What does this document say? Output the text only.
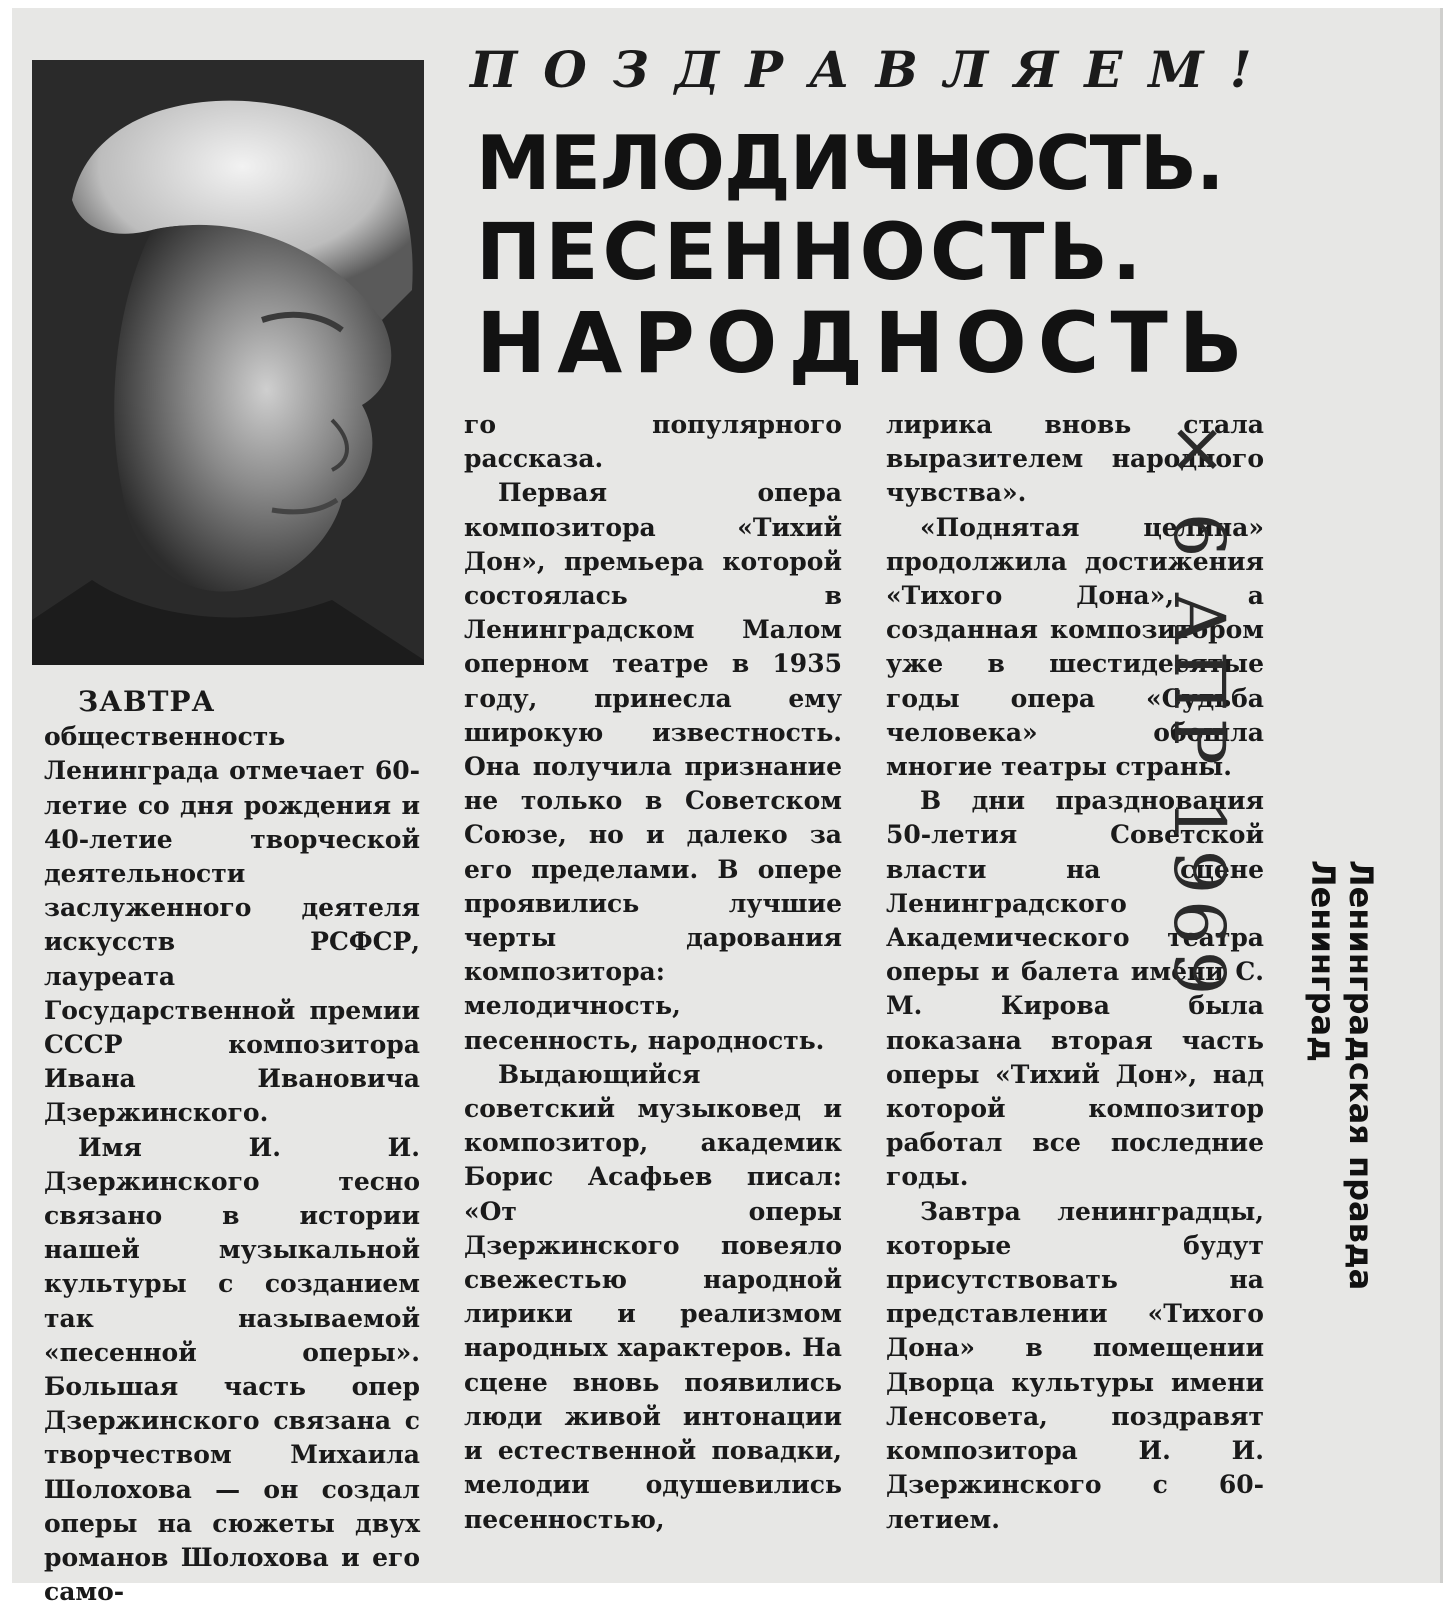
ПОЗДРАВЛЯЕМ!
МЕЛОДИЧНОСТЬ.
ПЕСЕННОСТЬ.
НАРОДНОСТЬ

ЗАВТРА общественность Ленинграда отмечает 60-летие со дня рождения и 40-летие творческой деятельности заслуженного деятеля искусств РСФСР, лауреата Государственной премии СССР композитора Ивана Ивановича Дзержинского.

Имя И. И. Дзержинского тесно связано в истории нашей музыкальной культуры с созданием так называемой «песенной оперы». Большая часть опер Дзержинского связана с творчеством Михаила Шолохова — он создал оперы на сюжеты двух романов Шолохова и его само-

го популярного рассказа.

Первая опера композитора «Тихий Дон», премьера которой состоялась в Ленинградском Малом оперном театре в 1935 году, принесла ему широкую известность. Она получила признание не только в Советском Союзе, но и далеко за его пределами. В опере проявились лучшие черты дарования композитора: мелодичность, песенность, народность.

Выдающийся советский музыковед и композитор, академик Борис Асафьев писал: «От оперы Дзержинского повеяло свежестью народной лирики и реализмом народных характеров. На сцене вновь появились люди живой интонации и естественной повадки, мелодии одушевились песенностью,

лирика вновь стала выразителем народного чувства».

«Поднятая целина» продолжила достижения «Тихого Дона», а созданная композитором уже в шестидесятые годы опера «Судьба человека» обошла многие театры страны.

В дни празднования 50-летия Советской власти на сцене Ленинградского Академического театра оперы и балета имени С. М. Кирова была показана вторая часть оперы «Тихий Дон», над которой композитор работал все последние годы.

Завтра ленинградцы, которые будут присутствовать на представлении «Тихого Дона» в помещении Дворца культуры имени Ленсовета, поздравят композитора И. И. Дзержинского с 60-летием.

× 6 АПР 1969
Ленинградская правда
Ленинград
